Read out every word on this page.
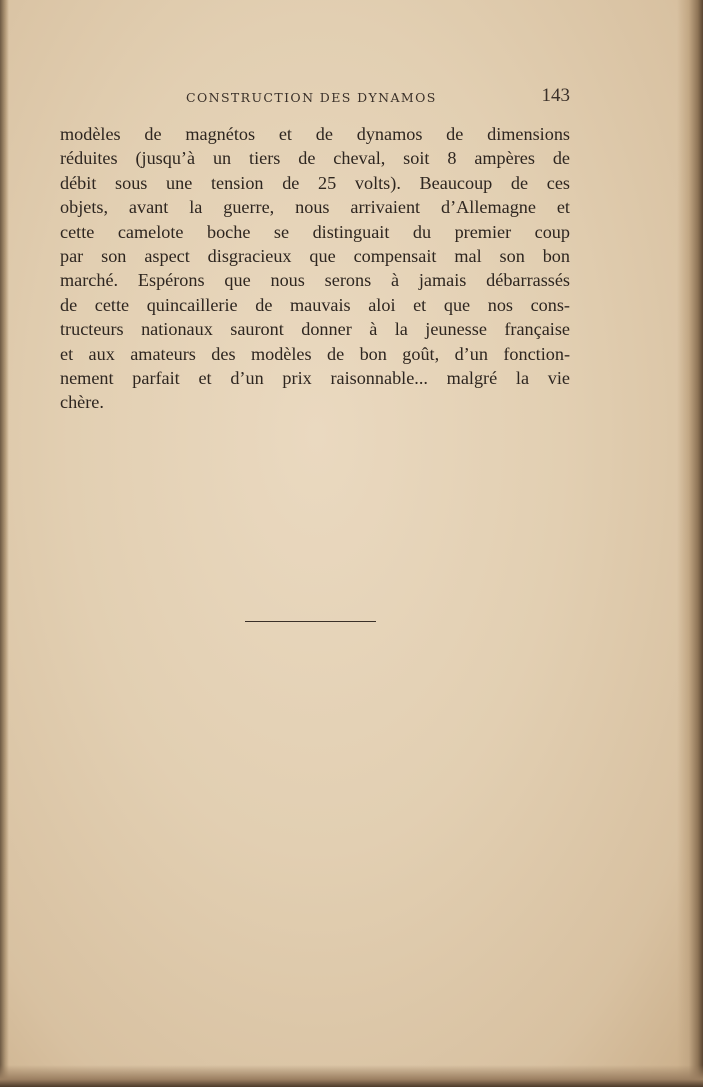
CONSTRUCTION DES DYNAMOS	143
modèles de magnétos et de dynamos de dimensions
réduites (jusqu’à un tiers de cheval, soit 8 ampères de
débit sous une tension de 25 volts). Beaucoup de ces
objets, avant la guerre, nous arrivaient d’Allemagne et
cette camelote boche se distinguait du premier coup
par son aspect disgracieux que compensait mal son bon
marché. Espérons que nous serons à jamais débarrassés
de cette quincaillerie de mauvais aloi et que nos cons-
tructeurs nationaux sauront donner à la jeunesse française
et aux amateurs des modèles de bon goût, d’un fonction-
nement parfait et d’un prix raisonnable... malgré la vie
chère.
